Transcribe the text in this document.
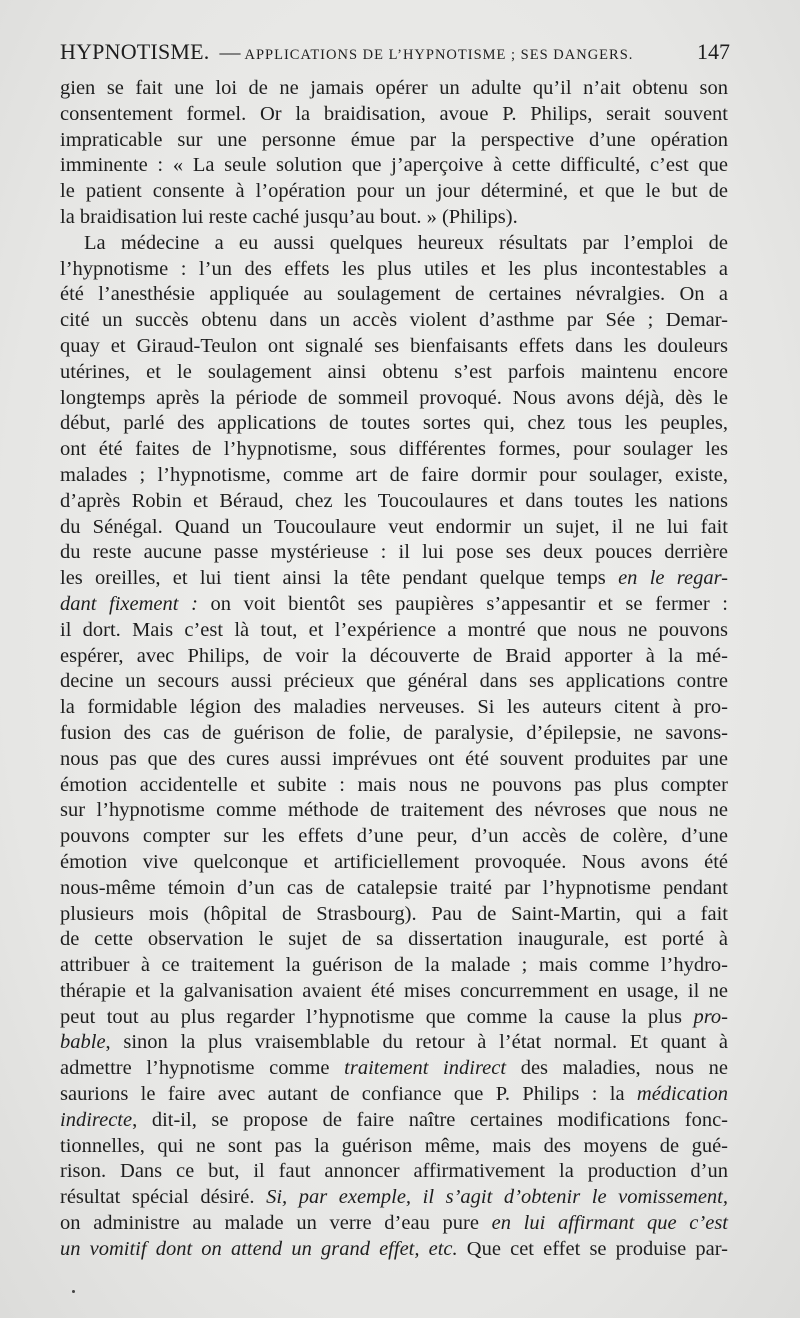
HYPNOTISME. — APPLICATIONS DE L’HYPNOTISME ; SES DANGERS.	147
gien se fait une loi de ne jamais opérer un adulte qu’il n’ait obtenu son
consentement formel. Or la braidisation, avoue P. Philips, serait souvent
impraticable sur une personne émue par la perspective d’une opération
imminente : « La seule solution que j’aperçoive à cette difficulté, c’est que
le patient consente à l’opération pour un jour déterminé, et que le but de
la braidisation lui reste caché jusqu’au bout. » (Philips).
La médecine a eu aussi quelques heureux résultats par l’emploi de
l’hypnotisme : l’un des effets les plus utiles et les plus incontestables a
été l’anesthésie appliquée au soulagement de certaines névralgies. On a
cité un succès obtenu dans un accès violent d’asthme par Sée ; Demar-
quay et Giraud-Teulon ont signalé ses bienfaisants effets dans les douleurs
utérines, et le soulagement ainsi obtenu s’est parfois maintenu encore
longtemps après la période de sommeil provoqué. Nous avons déjà, dès le
début, parlé des applications de toutes sortes qui, chez tous les peuples,
ont été faites de l’hypnotisme, sous différentes formes, pour soulager les
malades ; l’hypnotisme, comme art de faire dormir pour soulager, existe,
d’après Robin et Béraud, chez les Toucoulaures et dans toutes les nations
du Sénégal. Quand un Toucoulaure veut endormir un sujet, il ne lui fait
du reste aucune passe mystérieuse : il lui pose ses deux pouces derrière
les oreilles, et lui tient ainsi la tête pendant quelque temps en le regar-
dant fixement : on voit bientôt ses paupières s’appesantir et se fermer :
il dort. Mais c’est là tout, et l’expérience a montré que nous ne pouvons
espérer, avec Philips, de voir la découverte de Braid apporter à la mé-
decine un secours aussi précieux que général dans ses applications contre
la formidable légion des maladies nerveuses. Si les auteurs citent à pro-
fusion des cas de guérison de folie, de paralysie, d’épilepsie, ne savons-
nous pas que des cures aussi imprévues ont été souvent produites par une
émotion accidentelle et subite : mais nous ne pouvons pas plus compter
sur l’hypnotisme comme méthode de traitement des névroses que nous ne
pouvons compter sur les effets d’une peur, d’un accès de colère, d’une
émotion vive quelconque et artificiellement provoquée. Nous avons été
nous-même témoin d’un cas de catalepsie traité par l’hypnotisme pendant
plusieurs mois (hôpital de Strasbourg). Pau de Saint-Martin, qui a fait
de cette observation le sujet de sa dissertation inaugurale, est porté à
attribuer à ce traitement la guérison de la malade ; mais comme l’hydro-
thérapie et la galvanisation avaient été mises concurremment en usage, il ne
peut tout au plus regarder l’hypnotisme que comme la cause la plus pro-
bable, sinon la plus vraisemblable du retour à l’état normal. Et quant à
admettre l’hypnotisme comme traitement indirect des maladies, nous ne
saurions le faire avec autant de confiance que P. Philips : la médication
indirecte, dit-il, se propose de faire naître certaines modifications fonc-
tionnelles, qui ne sont pas la guérison même, mais des moyens de gué-
rison. Dans ce but, il faut annoncer affirmativement la production d’un
résultat spécial désiré. Si, par exemple, il s’agit d’obtenir le vomissement,
on administre au malade un verre d’eau pure en lui affirmant que c’est
un vomitif dont on attend un grand effet, etc. Que cet effet se produise par-
